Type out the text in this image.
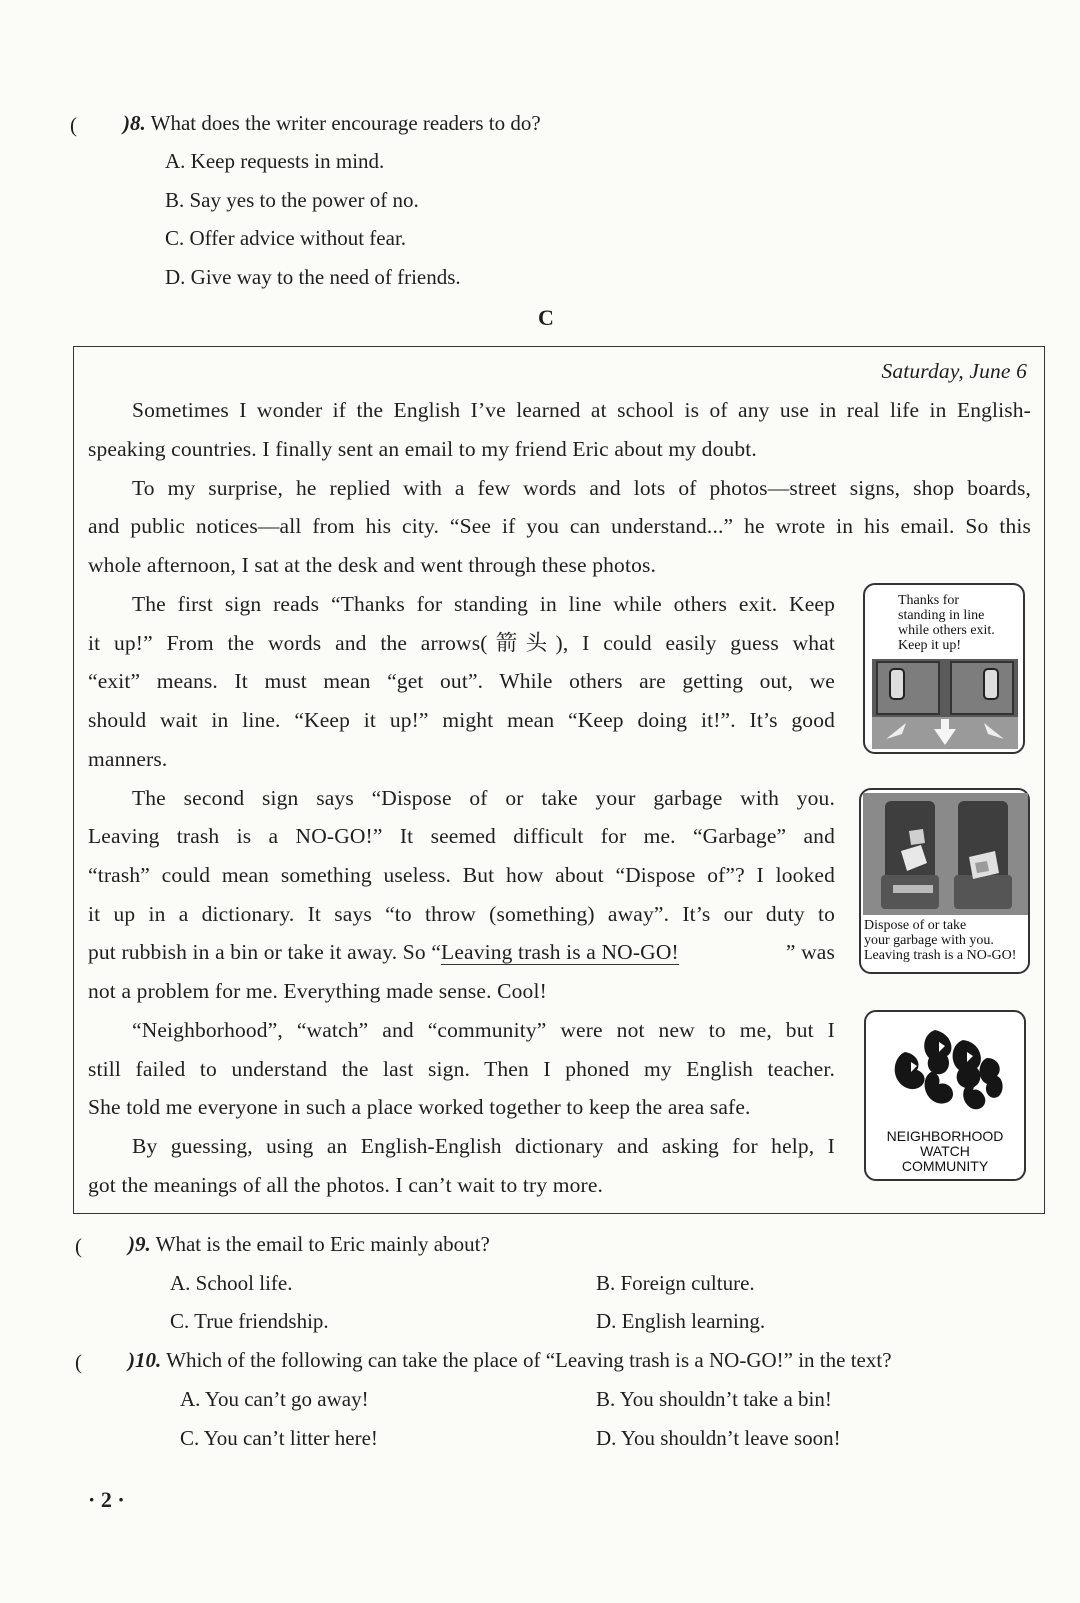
( )8. What does the writer encourage readers to do?
A. Keep requests in mind.
B. Say yes to the power of no.
C. Offer advice without fear.
D. Give way to the need of friends.
C
Saturday, June 6
Sometimes I wonder if the English I’ve learned at school is of any use in real life in English-
speaking countries. I finally sent an email to my friend Eric about my doubt.
To my surprise, he replied with a few words and lots of photos—street signs, shop boards,
and public notices—all from his city. “See if you can understand...” he wrote in his email. So this
whole afternoon, I sat at the desk and went through these photos.
The first sign reads “Thanks for standing in line while others exit. Keep
it up!” From the words and the arrows(箭头), I could easily guess what
“exit” means. It must mean “get out”. While others are getting out, we
should wait in line. “Keep it up!” might mean “Keep doing it!”. It’s good
manners.
The second sign says “Dispose of or take your garbage with you.
Leaving trash is a NO-GO!” It seemed difficult for me. “Garbage” and
“trash” could mean something useless. But how about “Dispose of”? I looked
it up in a dictionary. It says “to throw (something) away”. It’s our duty to
put rubbish in a bin or take it away. So “Leaving trash is a NO-GO!	” was
not a problem for me. Everything made sense. Cool!
“Neighborhood”, “watch” and “community” were not new to me, but I
still failed to understand the last sign. Then I phoned my English teacher.
She told me everyone in such a place worked together to keep the area safe.
By guessing, using an English-English dictionary and asking for help, I
got the meanings of all the photos. I can’t wait to try more.
Thanks for
standing in line
while others exit.
Keep it up!
Dispose of or take
your garbage with you.
Leaving trash is a NO-GO!
NEIGHBORHOOD
WATCH
COMMUNITY
( )9. What is the email to Eric mainly about?
A. School life.	B. Foreign culture.
C. True friendship.	D. English learning.
( )10. Which of the following can take the place of “Leaving trash is a NO-GO!” in the text?
A. You can’t go away!	B. You shouldn’t take a bin!
C. You can’t litter here!	D. You shouldn’t leave soon!
· 2 ·
